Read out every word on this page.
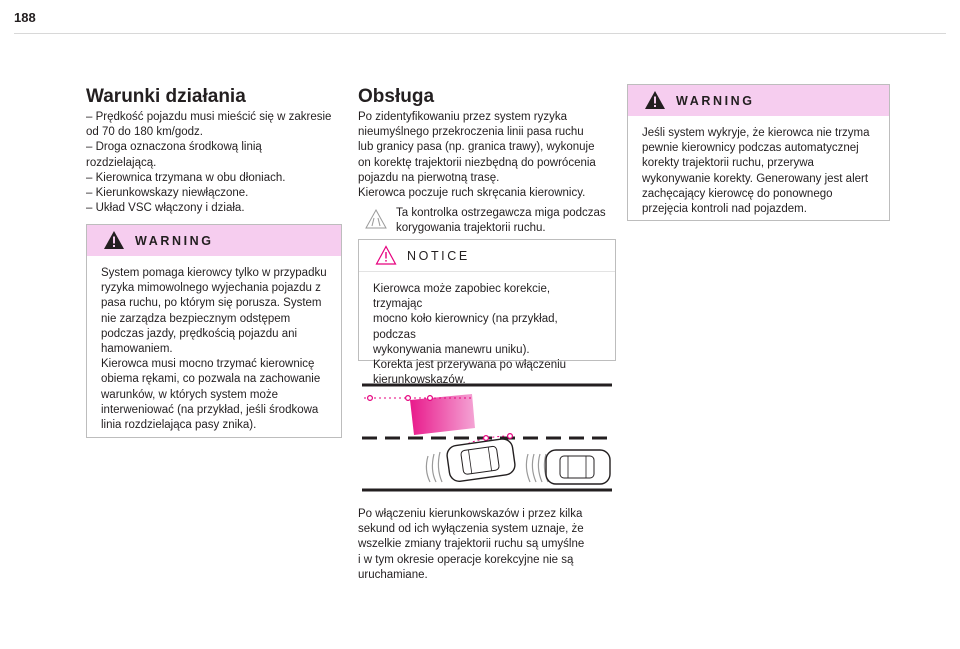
188
Warunki działania

– Prędkość pojazdu musi mieścić się w zakresie
od 70 do 180 km/godz.
– Droga oznaczona środkową linią
rozdzielającą.
– Kierownica trzymana w obu dłoniach.
– Kierunkowskazy niewłączone.
– Układ VSC włączony i działa.

WARNING
System pomaga kierowcy tylko w przypadku
ryzyka mimowolnego wyjechania pojazdu z
pasa ruchu, po którym się porusza. System
nie zarządza bezpiecznym odstępem
podczas jazdy, prędkością pojazdu ani
hamowaniem.
Kierowca musi mocno trzymać kierownicę
obiema rękami, co pozwala na zachowanie
warunków, w których system może
interweniować (na przykład, jeśli środkowa
linia rozdzielająca pasy znika).
Obsługa

Po zidentyfikowaniu przez system ryzyka
nieumyślnego przekroczenia linii pasa ruchu
lub granicy pasa (np. granica trawy), wykonuje
on korektę trajektorii niezbędną do powrócenia
pojazdu na pierwotną trasę.
Kierowca poczuje ruch skręcania kierownicy.

Ta kontrolka ostrzegawcza miga podczas
korygowania trajektorii ruchu.

NOTICE
Kierowca może zapobiec korekcie, trzymając
mocno koło kierownicy (na przykład, podczas
wykonywania manewru uniku).
Korekta jest przerywana po włączeniu
kierunkowskazów.

Po włączeniu kierunkowskazów i przez kilka
sekund od ich wyłączenia system uznaje, że
wszelkie zmiany trajektorii ruchu są umyślne
i w tym okresie operacje korekcyjne nie są
uruchamiane.

WARNING
Jeśli system wykryje, że kierowca nie trzyma
pewnie kierownicy podczas automatycznej
korekty trajektorii ruchu, przerywa
wykonywanie korekty. Generowany jest alert
zachęcający kierowcę do ponownego
przejęcia kontroli nad pojazdem.
